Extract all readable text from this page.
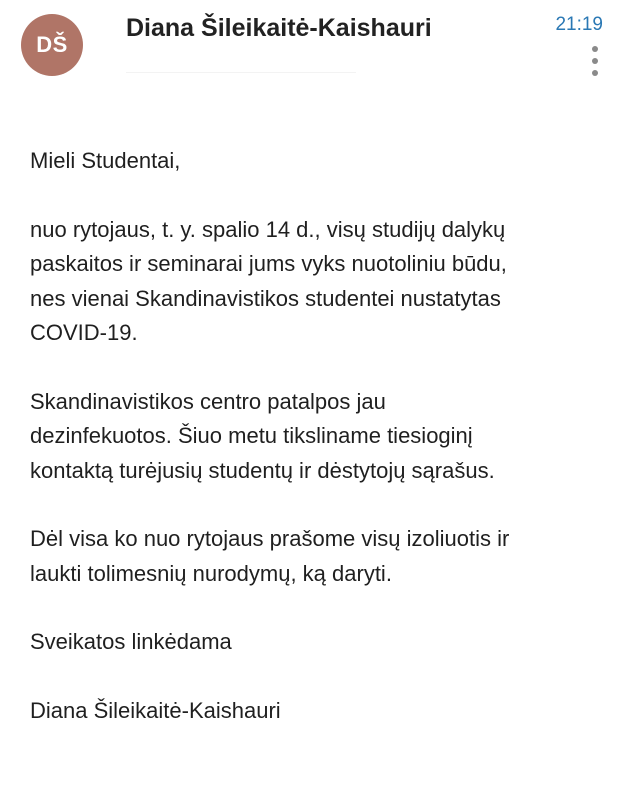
DŠ
Diana Šileikaitė-Kaishauri	21:19

Mieli Studentai,

nuo rytojaus, t. y. spalio 14 d., visų studijų dalykų
paskaitos ir seminarai jums vyks nuotoliniu būdu,
nes vienai Skandinavistikos studentei nustatytas
COVID-19.

Skandinavistikos centro patalpos jau
dezinfekuotos. Šiuo metu tiksliname tiesioginį
kontaktą turėjusių studentų ir dėstytojų sąrašus.

Dėl visa ko nuo rytojaus prašome visų izoliuotis ir
laukti tolimesnių nurodymų, ką daryti.

Sveikatos linkėdama

Diana Šileikaitė-Kaishauri
